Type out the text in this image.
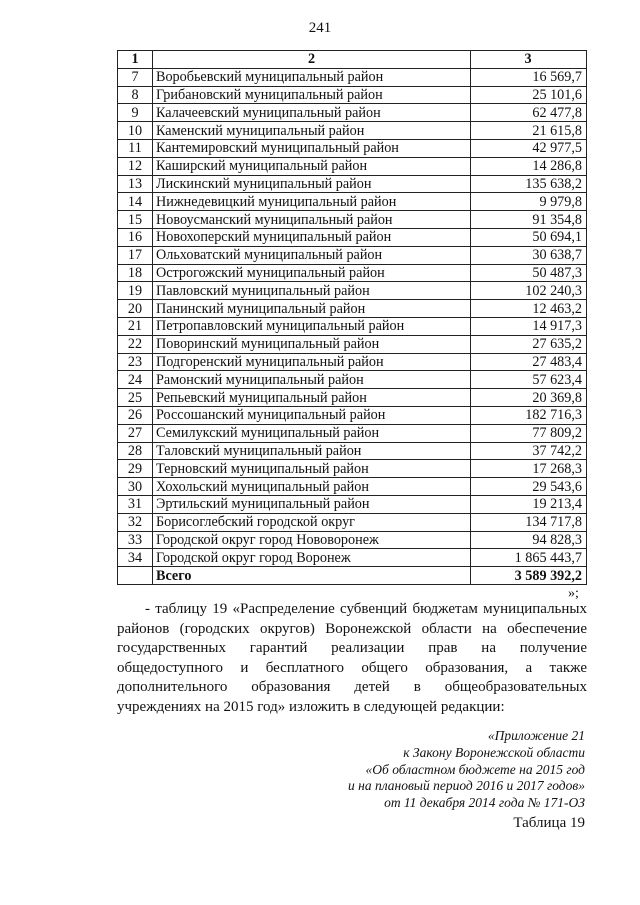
241
1	2	3
7	Воробьевский муниципальный район	16 569,7
8	Грибановский муниципальный район	25 101,6
9	Калачеевский муниципальный район	62 477,8
10	Каменский муниципальный район	21 615,8
11	Кантемировский муниципальный район	42 977,5
12	Каширский муниципальный район	14 286,8
13	Лискинский муниципальный район	135 638,2
14	Нижнедевицкий муниципальный район	9 979,8
15	Новоусманский муниципальный район	91 354,8
16	Новохоперский муниципальный район	50 694,1
17	Ольховатский муниципальный район	30 638,7
18	Острогожский муниципальный район	50 487,3
19	Павловский муниципальный район	102 240,3
20	Панинский муниципальный район	12 463,2
21	Петропавловский муниципальный район	14 917,3
22	Поворинский муниципальный район	27 635,2
23	Подгоренский муниципальный район	27 483,4
24	Рамонский муниципальный район	57 623,4
25	Репьевский муниципальный район	20 369,8
26	Россошанский муниципальный район	182 716,3
27	Семилукский муниципальный район	77 809,2
28	Таловский муниципальный район	37 742,2
29	Терновский муниципальный район	17 268,3
30	Хохольский муниципальный район	29 543,6
31	Эртильский муниципальный район	19 213,4
32	Борисоглебский городской округ	134 717,8
33	Городской округ город Нововоронеж	94 828,3
34	Городской округ город Воронеж	1 865 443,7
	Всего	3 589 392,2
»;

- таблицу 19 «Распределение субвенций бюджетам муниципальных районов (городских округов) Воронежской области на обеспечение государственных гарантий реализации прав на получение общедоступного и бесплатного общего образования, а также дополнительного образования детей в общеобразовательных учреждениях на 2015 год» изложить в следующей редакции:

«Приложение 21
к Закону Воронежской области
«Об областном бюджете на 2015 год
и на плановый период 2016 и 2017 годов»
от 11 декабря 2014 года № 171-ОЗ
Таблица 19
